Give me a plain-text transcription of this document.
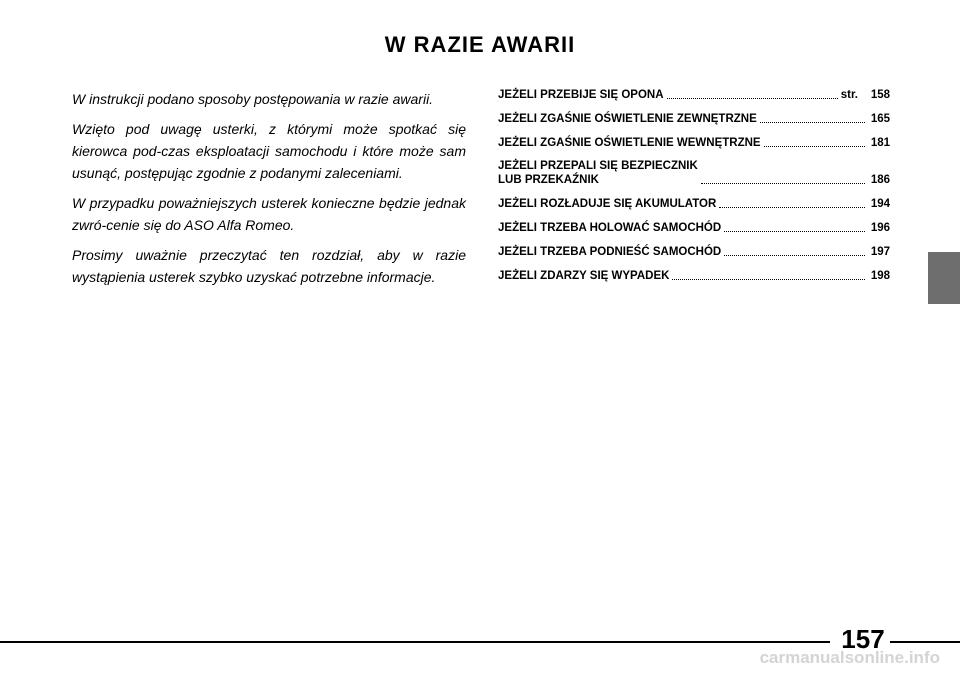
W RAZIE AWARII

W instrukcji podano sposoby postępowania w razie awarii.

Wzięto pod uwagę usterki, z którymi może spotkać się kierowca pod-czas eksploatacji samochodu i które może sam usunąć, postępując zgodnie z podanymi zaleceniami.

W przypadku poważniejszych usterek konieczne będzie jednak zwró-cenie się do ASO Alfa Romeo.

Prosimy uważnie przeczytać ten rozdział, aby w razie wystąpienia usterek szybko uzyskać potrzebne informacje.

JEŻELI PRZEBIJE SIĘ OPONA	str. 158
JEŻELI ZGAŚNIE OŚWIETLENIE ZEWNĘTRZNE	165
JEŻELI ZGAŚNIE OŚWIETLENIE WEWNĘTRZNE	181
JEŻELI PRZEPALI SIĘ BEZPIECZNIK
LUB PRZEKAŹNIK	186
JEŻELI ROZŁADUJE SIĘ AKUMULATOR	194
JEŻELI TRZEBA HOLOWAĆ SAMOCHÓD	196
JEŻELI TRZEBA PODNIEŚĆ SAMOCHÓD	197
JEŻELI ZDARZY SIĘ WYPADEK	198
157
carmanualsonline.info
